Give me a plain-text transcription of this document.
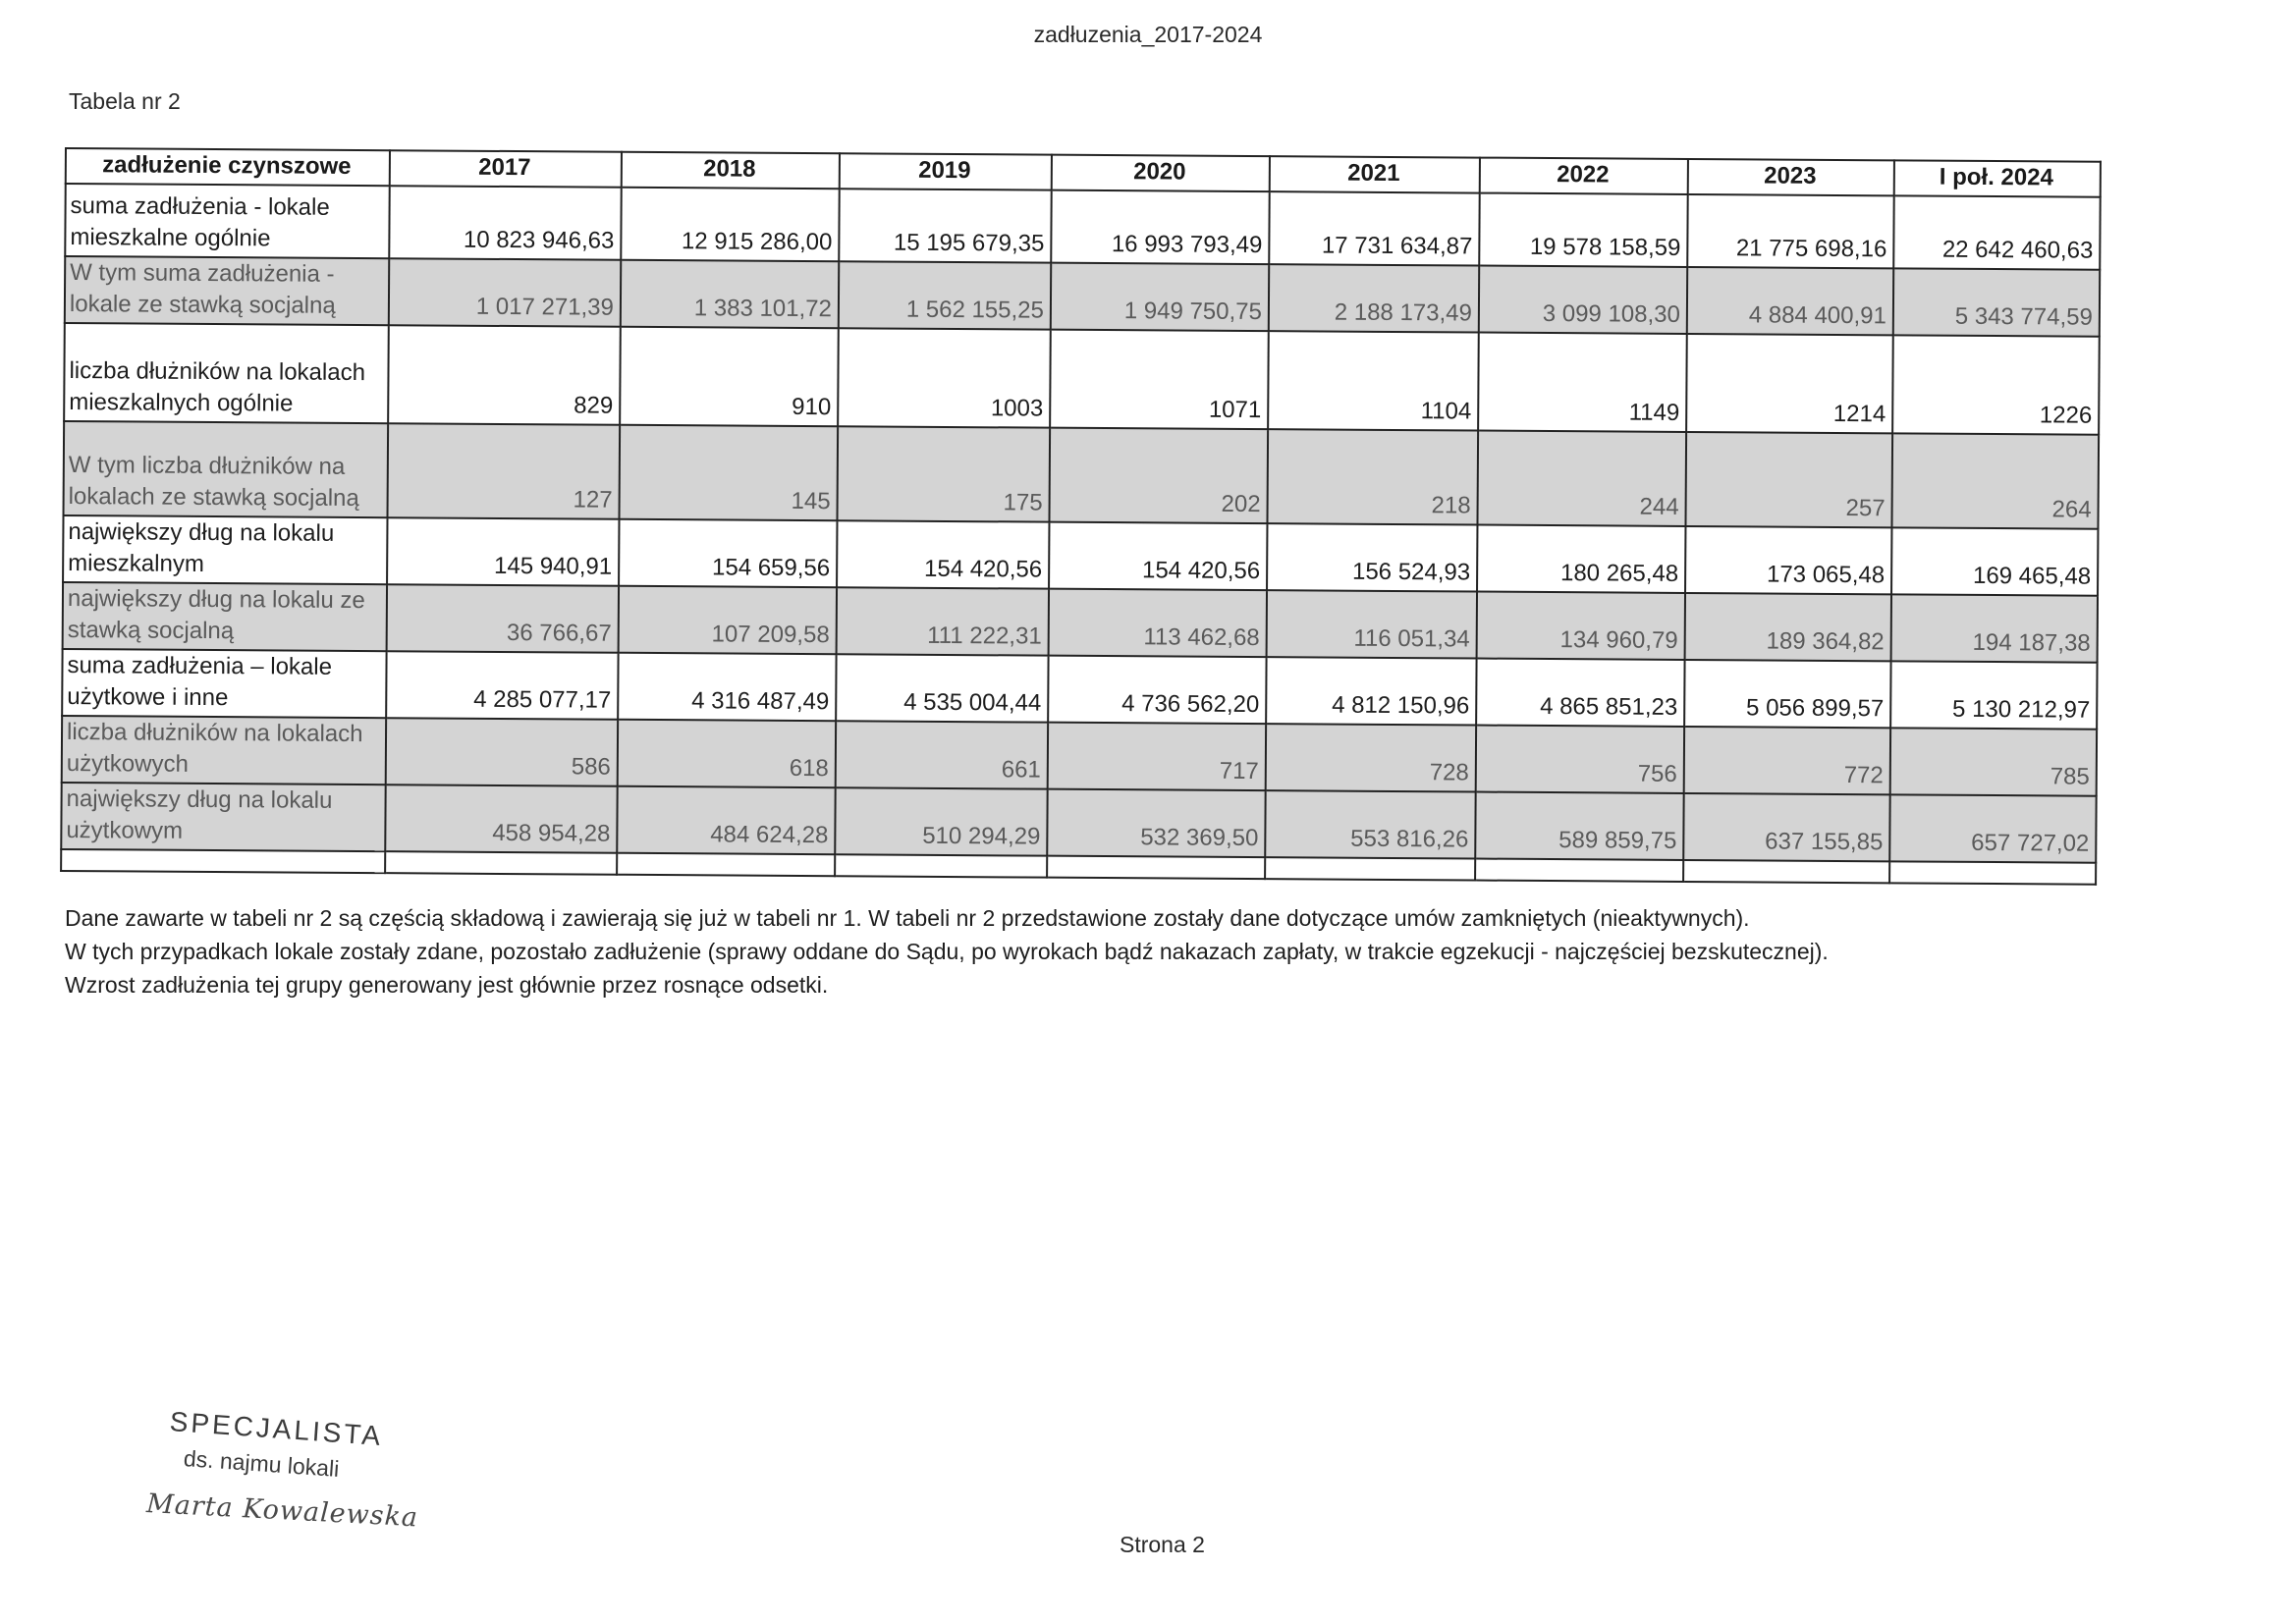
zadłuzenia_2017-2024
Tabela nr 2
zadłużenie czynszowe	2017	2018	2019	2020	2021	2022	2023	I poł. 2024
suma zadłużenia - lokale mieszkalne ogólnie	10 823 946,63	12 915 286,00	15 195 679,35	16 993 793,49	17 731 634,87	19 578 158,59	21 775 698,16	22 642 460,63
W tym suma zadłużenia - lokale ze stawką socjalną	1 017 271,39	1 383 101,72	1 562 155,25	1 949 750,75	2 188 173,49	3 099 108,30	4 884 400,91	5 343 774,59
liczba dłużników na lokalach mieszkalnych ogólnie	829	910	1003	1071	1104	1149	1214	1226
W tym liczba dłużników na lokalach ze stawką socjalną	127	145	175	202	218	244	257	264
największy dług na lokalu mieszkalnym	145 940,91	154 659,56	154 420,56	154 420,56	156 524,93	180 265,48	173 065,48	169 465,48
największy dług na lokalu ze stawką socjalną	36 766,67	107 209,58	111 222,31	113 462,68	116 051,34	134 960,79	189 364,82	194 187,38
suma zadłużenia – lokale użytkowe i inne	4 285 077,17	4 316 487,49	4 535 004,44	4 736 562,20	4 812 150,96	4 865 851,23	5 056 899,57	5 130 212,97
liczba dłużników na lokalach użytkowych	586	618	661	717	728	756	772	785
największy dług na lokalu użytkowym	458 954,28	484 624,28	510 294,29	532 369,50	553 816,26	589 859,75	637 155,85	657 727,02

Dane zawarte w tabeli nr 2 są częścią składową i zawierają się już w tabeli nr 1. W tabeli nr 2 przedstawione zostały dane dotyczące umów zamkniętych (nieaktywnych).

W tych przypadkach lokale zostały zdane, pozostało zadłużenie (sprawy oddane do Sądu, po wyrokach bądź nakazach zapłaty, w trakcie egzekucji - najczęściej bezskutecznej).

Wzrost zadłużenia tej grupy generowany jest głównie przez rosnące odsetki.

SPECJALISTA
ds. najmu lokali
Marta Kowalewska
Strona 2
